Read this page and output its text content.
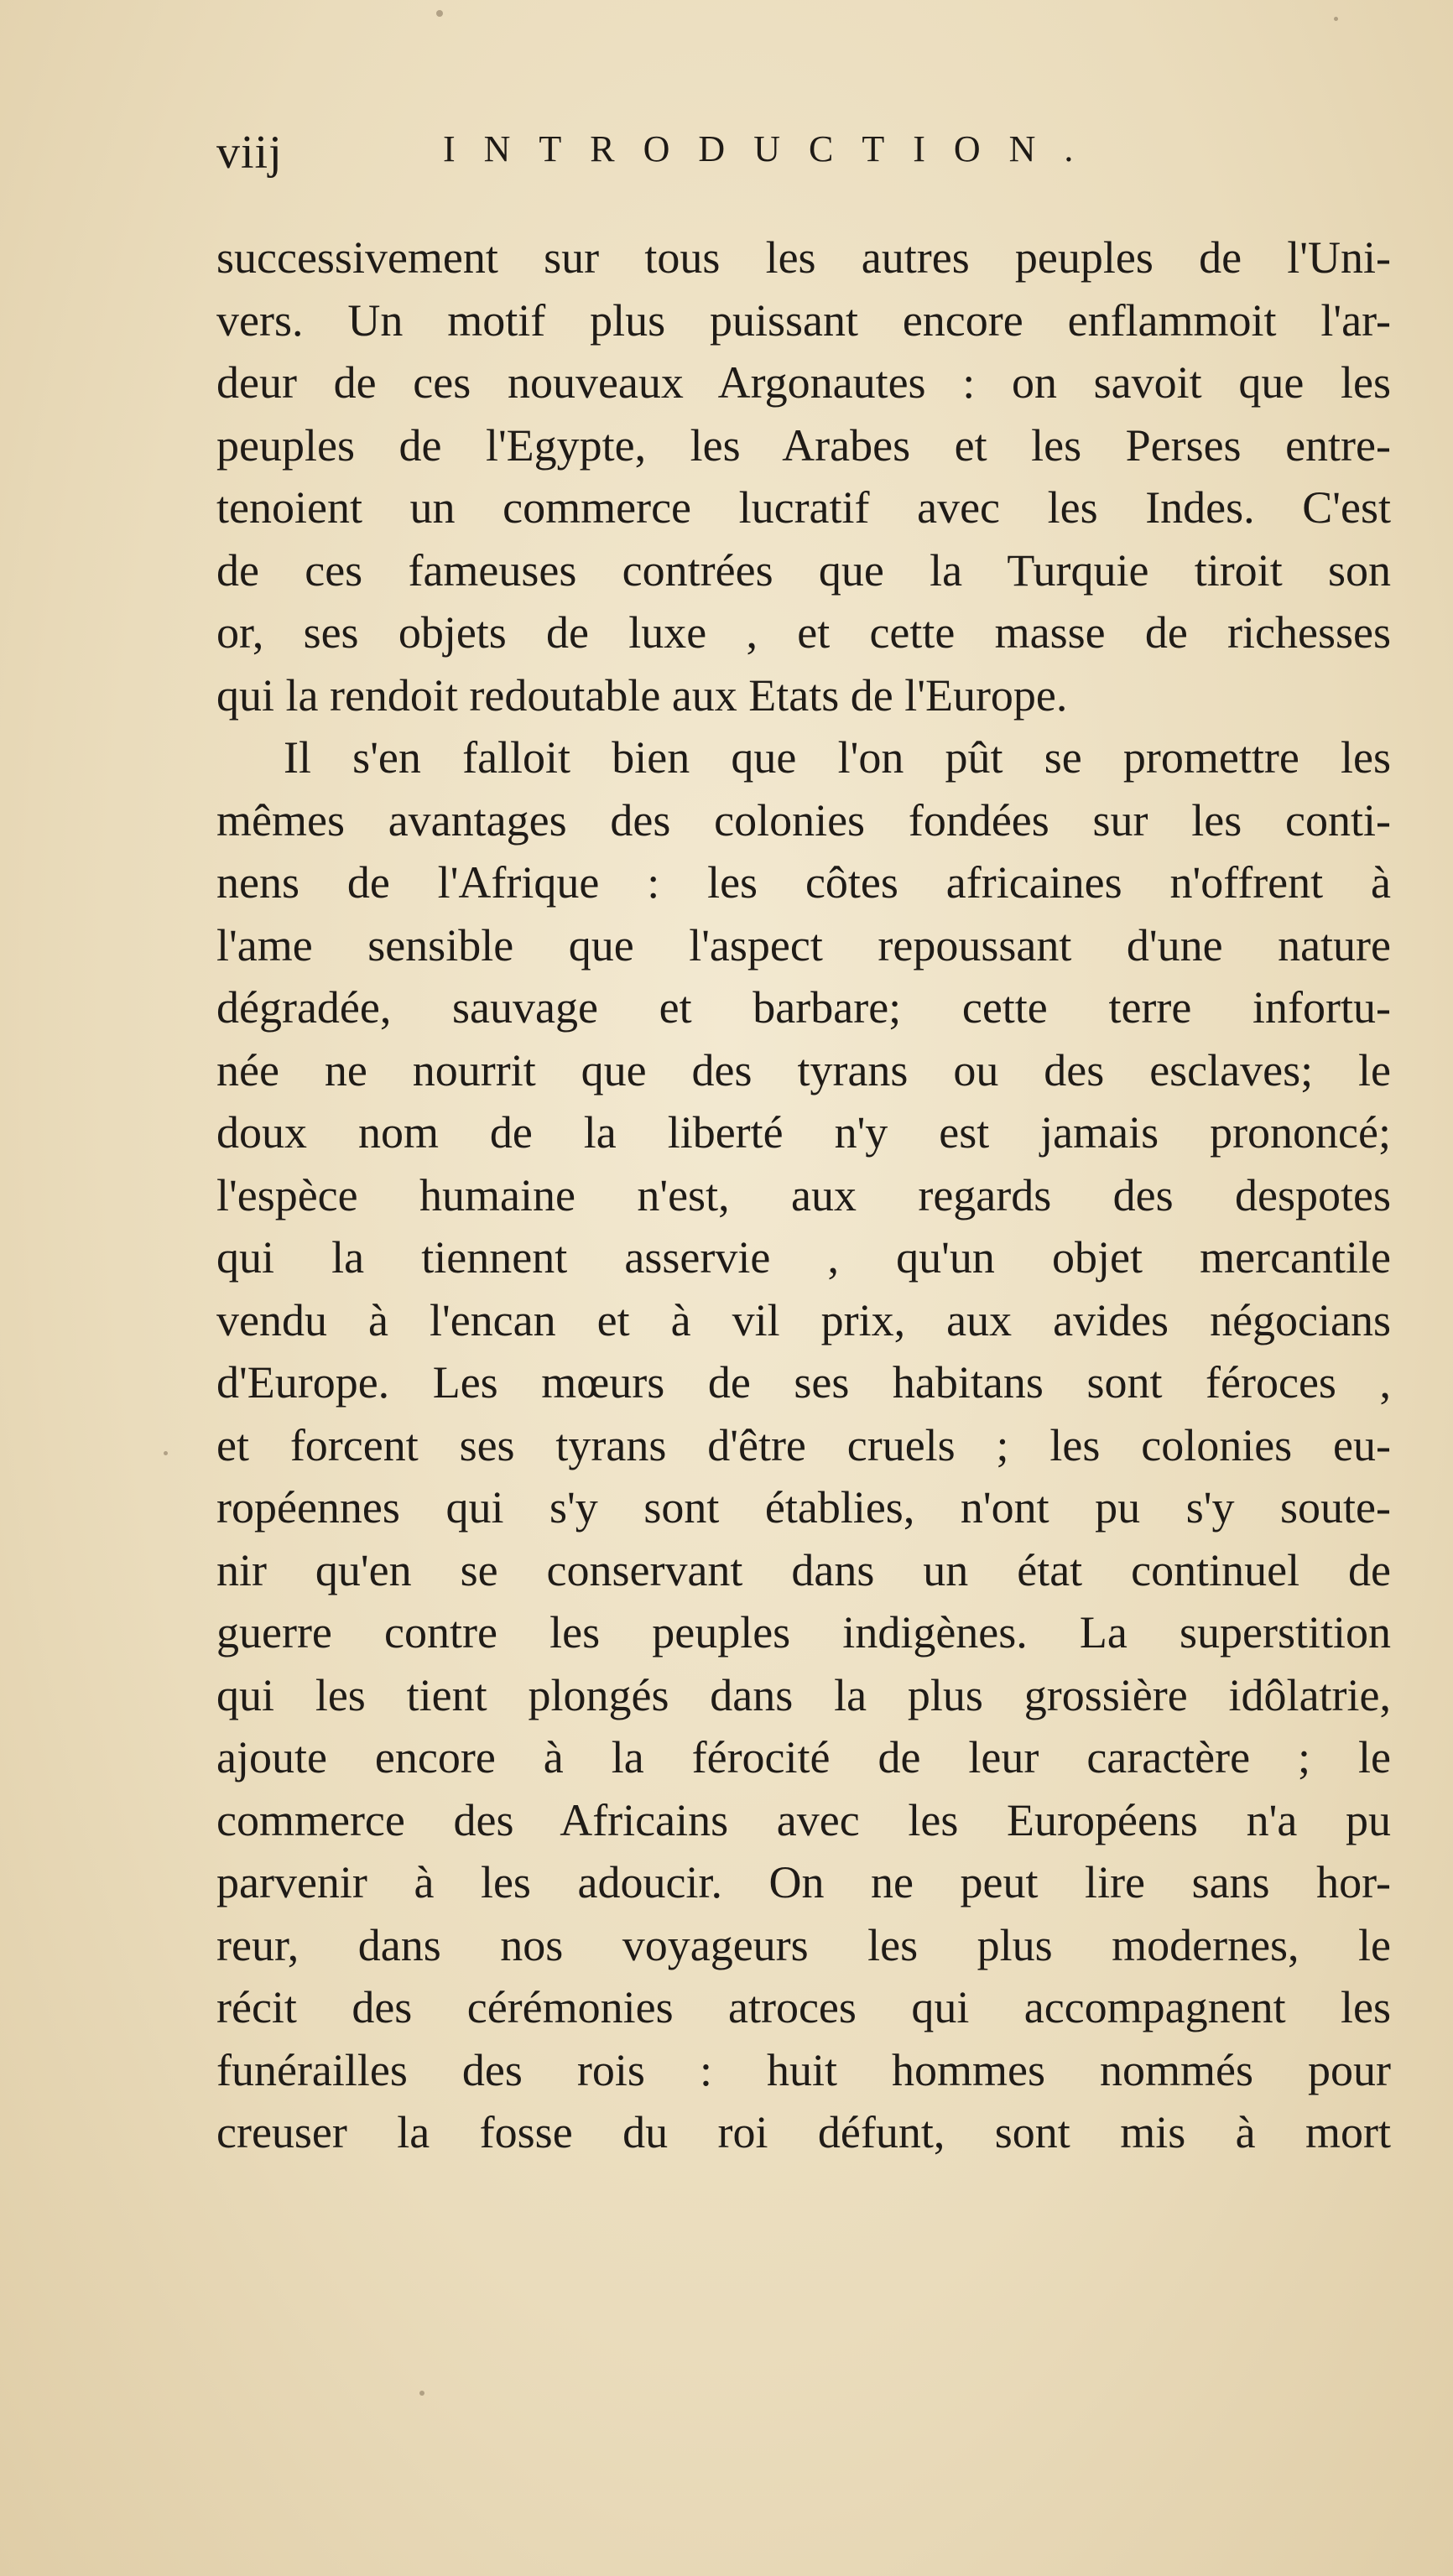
viij	INTRODUCTION.
successivement sur tous les autres peuples de l'Uni-
vers. Un motif plus puissant encore enflammoit l'ar-
deur de ces nouveaux Argonautes : on savoit que les
peuples de l'Egypte, les Arabes et les Perses entre-
tenoient un commerce lucratif avec les Indes. C'est
de ces fameuses contrées que la Turquie tiroit son
or, ses objets de luxe , et cette masse de richesses
qui la rendoit redoutable aux Etats de l'Europe.
Il s'en falloit bien que l'on pût se promettre les
mêmes avantages des colonies fondées sur les conti-
nens de l'Afrique : les côtes africaines n'offrent à
l'ame sensible que l'aspect repoussant d'une nature
dégradée, sauvage et barbare; cette terre infortu-
née ne nourrit que des tyrans ou des esclaves; le
doux nom de la liberté n'y est jamais prononcé;
l'espèce humaine n'est, aux regards des despotes
qui la tiennent asservie , qu'un objet mercantile
vendu à l'encan et à vil prix, aux avides négocians
d'Europe. Les mœurs de ses habitans sont féroces ,
et forcent ses tyrans d'être cruels ; les colonies eu-
ropéennes qui s'y sont établies, n'ont pu s'y soute-
nir qu'en se conservant dans un état continuel de
guerre contre les peuples indigènes. La superstition
qui les tient plongés dans la plus grossière idôlatrie,
ajoute encore à la férocité de leur caractère ; le
commerce des Africains avec les Européens n'a pu
parvenir à les adoucir. On ne peut lire sans hor-
reur, dans nos voyageurs les plus modernes, le
récit des cérémonies atroces qui accompagnent les
funérailles des rois : huit hommes nommés pour
creuser la fosse du roi défunt, sont mis à mort
